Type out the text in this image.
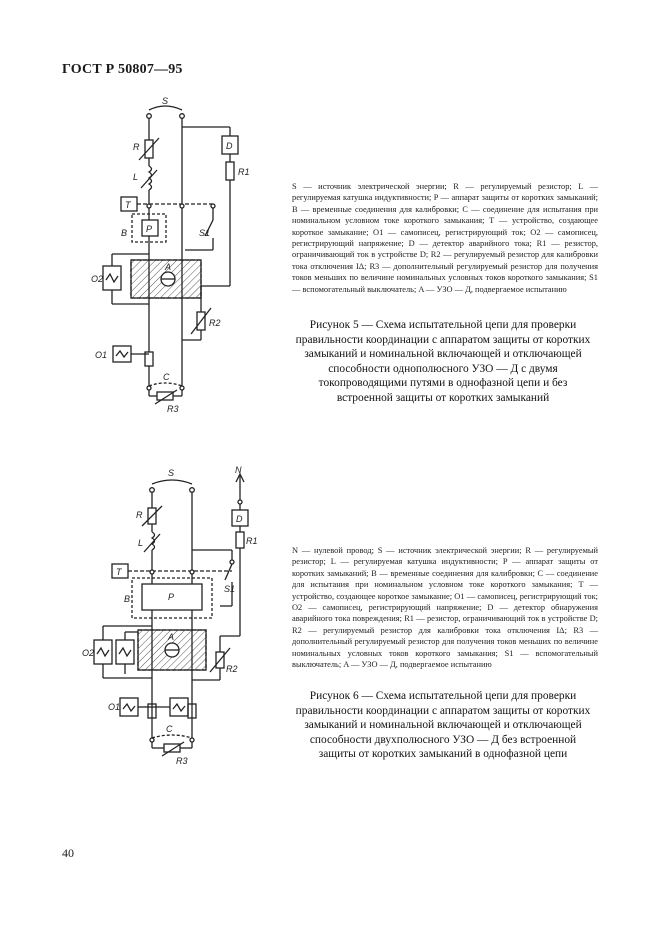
ГОСТ Р 50807—95
S
R
L
D
R1
T
P
B	S1
O2
A
R2
O1
C
R3
S — источник электрической энергии; R — регулируемый резистор; L — регулируемая катушка индуктивности; P — аппарат защиты от коротких замыканий; B — временные соединения для калибровки; C — соединение для испытания при номинальном условном токе короткого замыкания; T — устройство, создающее короткое замыкание; O1 — самописец, регистрирующий ток; O2 — самописец, регистрирующий напряжение; D — детектор аварийного тока; R1 — резистор, ограничивающий ток в устройстве D; R2 — регулируемый резистор для калибровки тока отключения IΔ; R3 — дополнительный регулируемый резистор для получения токов меньших по величине номинальных условных токов короткого замыкания; S1 — вспомогательный выключатель; A — УЗО — Д, подвергаемое испытанию
Рисунок 5 — Схема испытательной цепи для проверки правильности координации с аппаратом защиты от коротких замыканий и номинальной включающей и отключающей способности однополюсного УЗО — Д с двумя токопроводящими путями в однофазной цепи и без встроенной защиты от коротких замыканий
S	N
R
L
D
R1
T
P
B
S1
O2
A
R2
O1
C
R3
N — нулевой провод; S — источник электрической энергии; R — регулируемый резистор; L — регулируемая катушка индуктивности; P — аппарат защиты от коротких замыканий; B — временные соединения для калибровки; C — соединение для испытания при номинальном условном токе короткого замыкания; T — устройство, создающее короткое замыкание; O1 — самописец, регистрирующий ток; O2 — самописец, регистрирующий напряжение; D — детектор обнаружения аварийного тока повреждения; R1 — резистор, ограничивающий ток в устройстве D; R2 — регулируемый резистор для калибровки тока отключения IΔ; R3 — дополнительный регулируемый резистор для получения токов меньших по величине номинальных условных токов короткого замыкания; S1 — вспомогательный выключатель; A — УЗО — Д, подвергаемое испытанию
Рисунок 6 — Схема испытательной цепи для проверки правильности координации с аппаратом защиты от коротких замыканий и номинальной включающей и отключающей способности двухполюсного УЗО — Д без встроенной защиты от коротких замыканий в однофазной цепи
40
